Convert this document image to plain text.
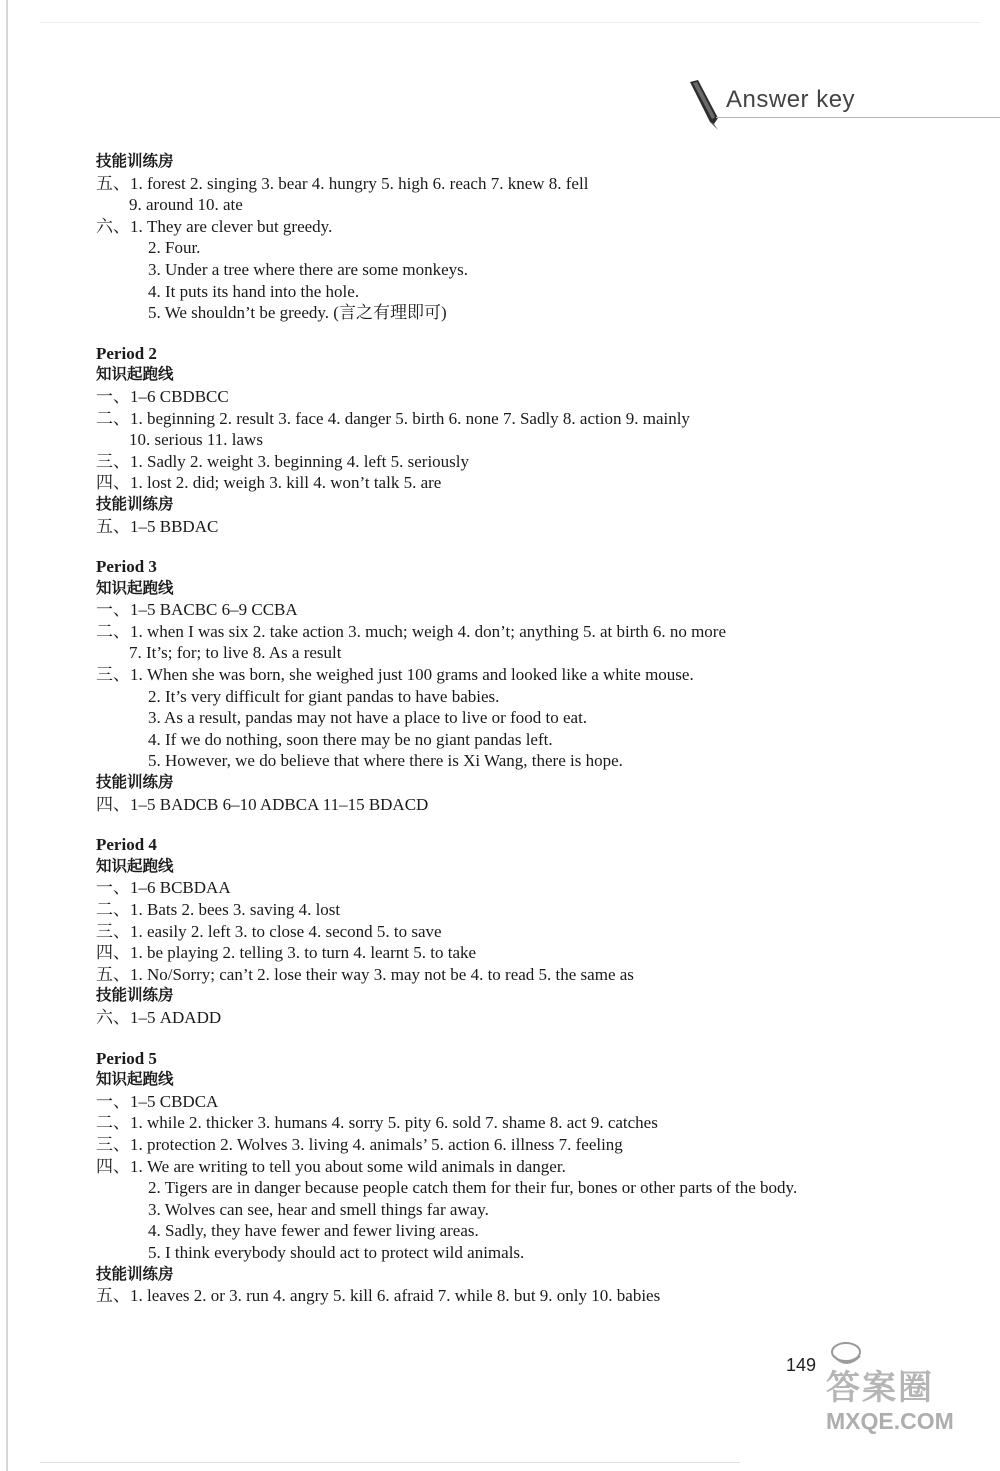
Answer key
技能训练房
五、1. forest 2. singing 3. bear 4. hungry 5. high 6. reach 7. knew 8. fell
9. around 10. ate
六、1. They are clever but greedy.
2. Four.
3. Under a tree where there are some monkeys.
4. It puts its hand into the hole.
5. We shouldn’t be greedy. (言之有理即可)
Period 2
知识起跑线
一、1–6 CBDBCC
二、1. beginning 2. result 3. face 4. danger 5. birth 6. none 7. Sadly 8. action 9. mainly
10. serious 11. laws
三、1. Sadly 2. weight 3. beginning 4. left 5. seriously
四、1. lost 2. did; weigh 3. kill 4. won’t talk 5. are
技能训练房
五、1–5 BBDAC
Period 3
知识起跑线
一、1–5 BACBC 6–9 CCBA
二、1. when I was six 2. take action 3. much; weigh 4. don’t; anything 5. at birth 6. no more
7. It’s; for; to live 8. As a result
三、1. When she was born, she weighed just 100 grams and looked like a white mouse.
2. It’s very difficult for giant pandas to have babies.
3. As a result, pandas may not have a place to live or food to eat.
4. If we do nothing, soon there may be no giant pandas left.
5. However, we do believe that where there is Xi Wang, there is hope.
技能训练房
四、1–5 BADCB 6–10 ADBCA 11–15 BDACD
Period 4
知识起跑线
一、1–6 BCBDAA
二、1. Bats 2. bees 3. saving 4. lost
三、1. easily 2. left 3. to close 4. second 5. to save
四、1. be playing 2. telling 3. to turn 4. learnt 5. to take
五、1. No/Sorry; can’t 2. lose their way 3. may not be 4. to read 5. the same as
技能训练房
六、1–5 ADADD
Period 5
知识起跑线
一、1–5 CBDCA
二、1. while 2. thicker 3. humans 4. sorry 5. pity 6. sold 7. shame 8. act 9. catches
三、1. protection 2. Wolves 3. living 4. animals’ 5. action 6. illness 7. feeling
四、1. We are writing to tell you about some wild animals in danger.
2. Tigers are in danger because people catch them for their fur, bones or other parts of the body.
3. Wolves can see, hear and smell things far away.
4. Sadly, they have fewer and fewer living areas.
5. I think everybody should act to protect wild animals.
技能训练房
五、1. leaves 2. or 3. run 4. angry 5. kill 6. afraid 7. while 8. but 9. only 10. babies
149
答案圈
MXQE.COM
